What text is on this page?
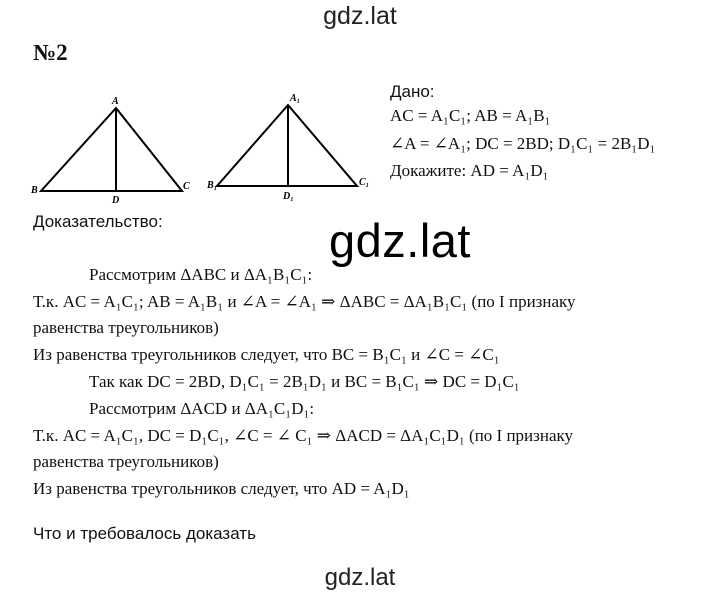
gdz.lat
№2
A
B	C
D
A₁
B₁	C₁
D₁
Дано:
AC = A₁C₁; AB = A₁B₁
∠A = ∠A₁; DC = 2BD; D₁C₁ = 2B₁D₁
Докажите: AD = A₁D₁
Доказательство:	gdz.lat
Рассмотрим ΔABC и ΔA₁B₁C₁:
Т.к. AC = A₁C₁; AB = A₁B₁ и ∠A = ∠A₁ ⇒ ΔABC = ΔA₁B₁C₁ (по I признаку
равенства треугольников)
Из равенства треугольников следует, что BC = B₁C₁ и ∠C = ∠C₁
Так как DC = 2BD, D₁C₁ = 2B₁D₁ и BC = B₁C₁ ⇒ DC = D₁C₁
Рассмотрим ΔACD и ΔA₁C₁D₁:
Т.к. AC = A₁C₁, DC = D₁C₁, ∠C = ∠ C₁ ⇒ ΔACD = ΔA₁C₁D₁ (по I признаку
равенства треугольников)
Из равенства треугольников следует, что AD = A₁D₁
Что и требовалось доказать
gdz.lat
